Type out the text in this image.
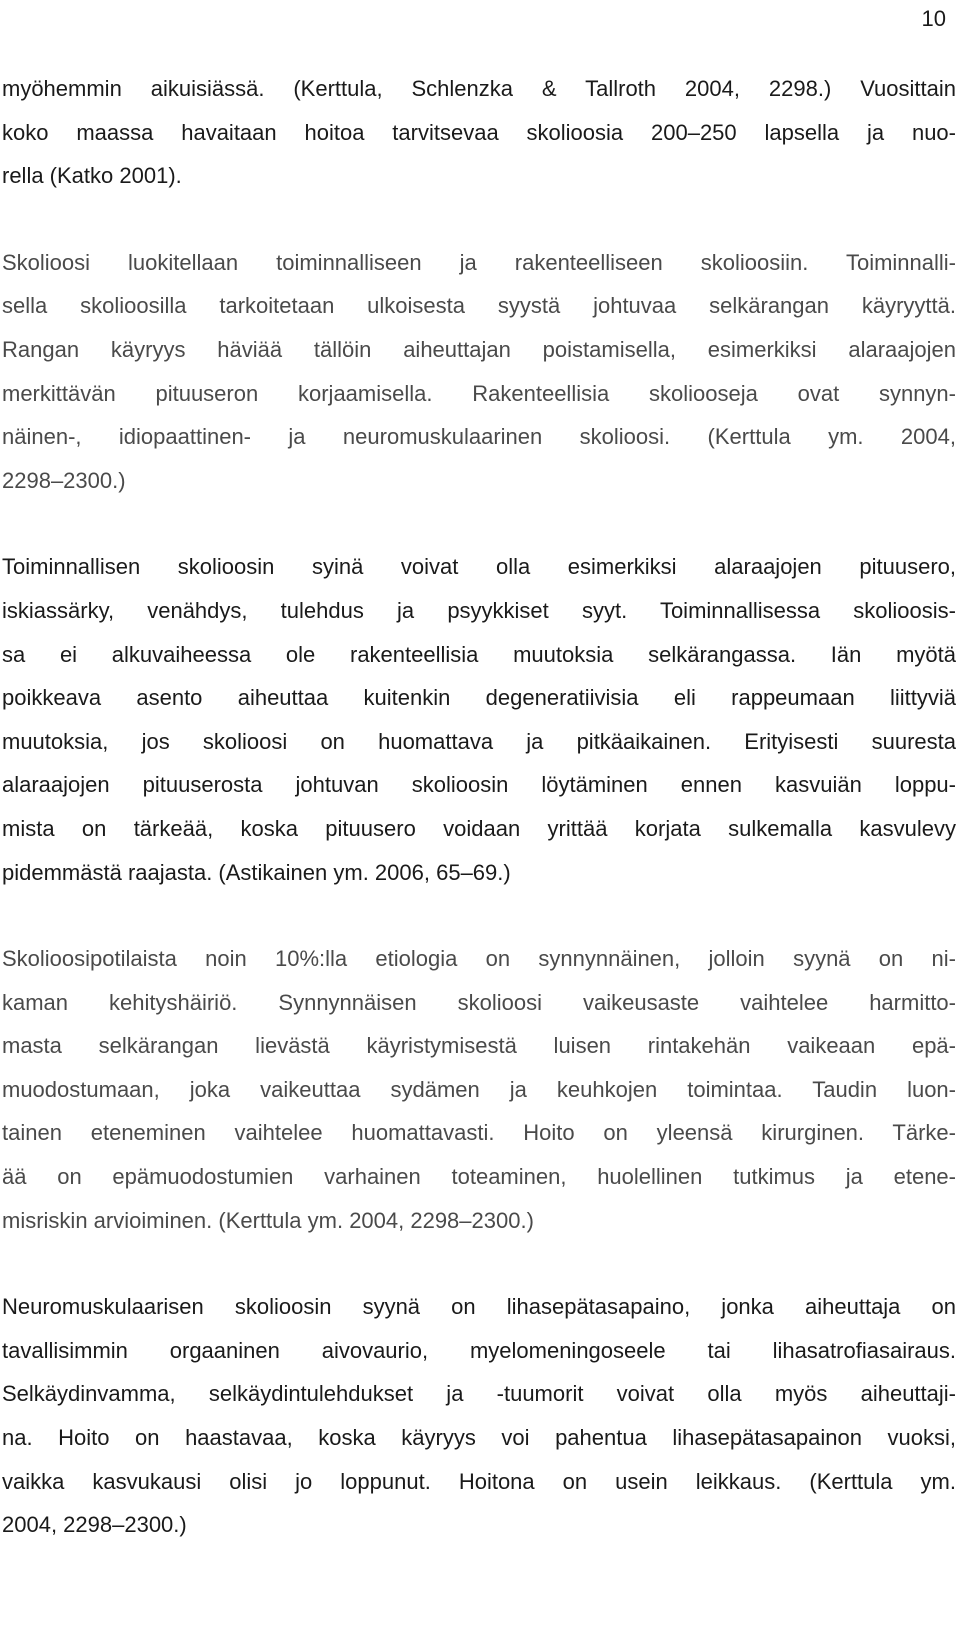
10

myöhemmin aikuisiässä. (Kerttula, Schlenzka & Tallroth 2004, 2298.) Vuosittain
koko maassa havaitaan hoitoa tarvitsevaa skolioosia 200–250 lapsella ja nuo-
rella (Katko 2001).

Skolioosi luokitellaan toiminnalliseen ja rakenteelliseen skolioosiin. Toiminnalli-
sella skolioosilla tarkoitetaan ulkoisesta syystä johtuvaa selkärangan käyryyttä.
Rangan käyryys häviää tällöin aiheuttajan poistamisella, esimerkiksi alaraajojen
merkittävän pituuseron korjaamisella. Rakenteellisia skoliooseja ovat synnyn-
näinen-, idiopaattinen- ja neuromuskulaarinen skolioosi. (Kerttula ym. 2004,
2298–2300.)

Toiminnallisen skolioosin syinä voivat olla esimerkiksi alaraajojen pituusero,
iskiassärky, venähdys, tulehdus ja psyykkiset syyt. Toiminnallisessa skolioosis-
sa ei alkuvaiheessa ole rakenteellisia muutoksia selkärangassa. Iän myötä
poikkeava asento aiheuttaa kuitenkin degeneratiivisia eli rappeumaan liittyviä
muutoksia, jos skolioosi on huomattava ja pitkäaikainen. Erityisesti suuresta
alaraajojen pituuserosta johtuvan skolioosin löytäminen ennen kasvuiän loppu-
mista on tärkeää, koska pituusero voidaan yrittää korjata sulkemalla kasvulevy
pidemmästä raajasta. (Astikainen ym. 2006, 65–69.)

Skolioosipotilaista noin 10%:lla etiologia on synnynnäinen, jolloin syynä on ni-
kaman kehityshäiriö. Synnynnäisen skolioosi vaikeusaste vaihtelee harmitto-
masta selkärangan lievästä käyristymisestä luisen rintakehän vaikeaan epä-
muodostumaan, joka vaikeuttaa sydämen ja keuhkojen toimintaa. Taudin luon-
tainen eteneminen vaihtelee huomattavasti. Hoito on yleensä kirurginen. Tärke-
ää on epämuodostumien varhainen toteaminen, huolellinen tutkimus ja etene-
misriskin arvioiminen. (Kerttula ym. 2004, 2298–2300.)

Neuromuskulaarisen skolioosin syynä on lihasepätasapaino, jonka aiheuttaja on
tavallisimmin orgaaninen aivovaurio, myelomeningoseele tai lihasatrofiasairaus.
Selkäydinvamma, selkäydintulehdukset ja -tuumorit voivat olla myös aiheuttaji-
na. Hoito on haastavaa, koska käyryys voi pahentua lihasepätasapainon vuoksi,
vaikka kasvukausi olisi jo loppunut. Hoitona on usein leikkaus. (Kerttula ym.
2004, 2298–2300.)
